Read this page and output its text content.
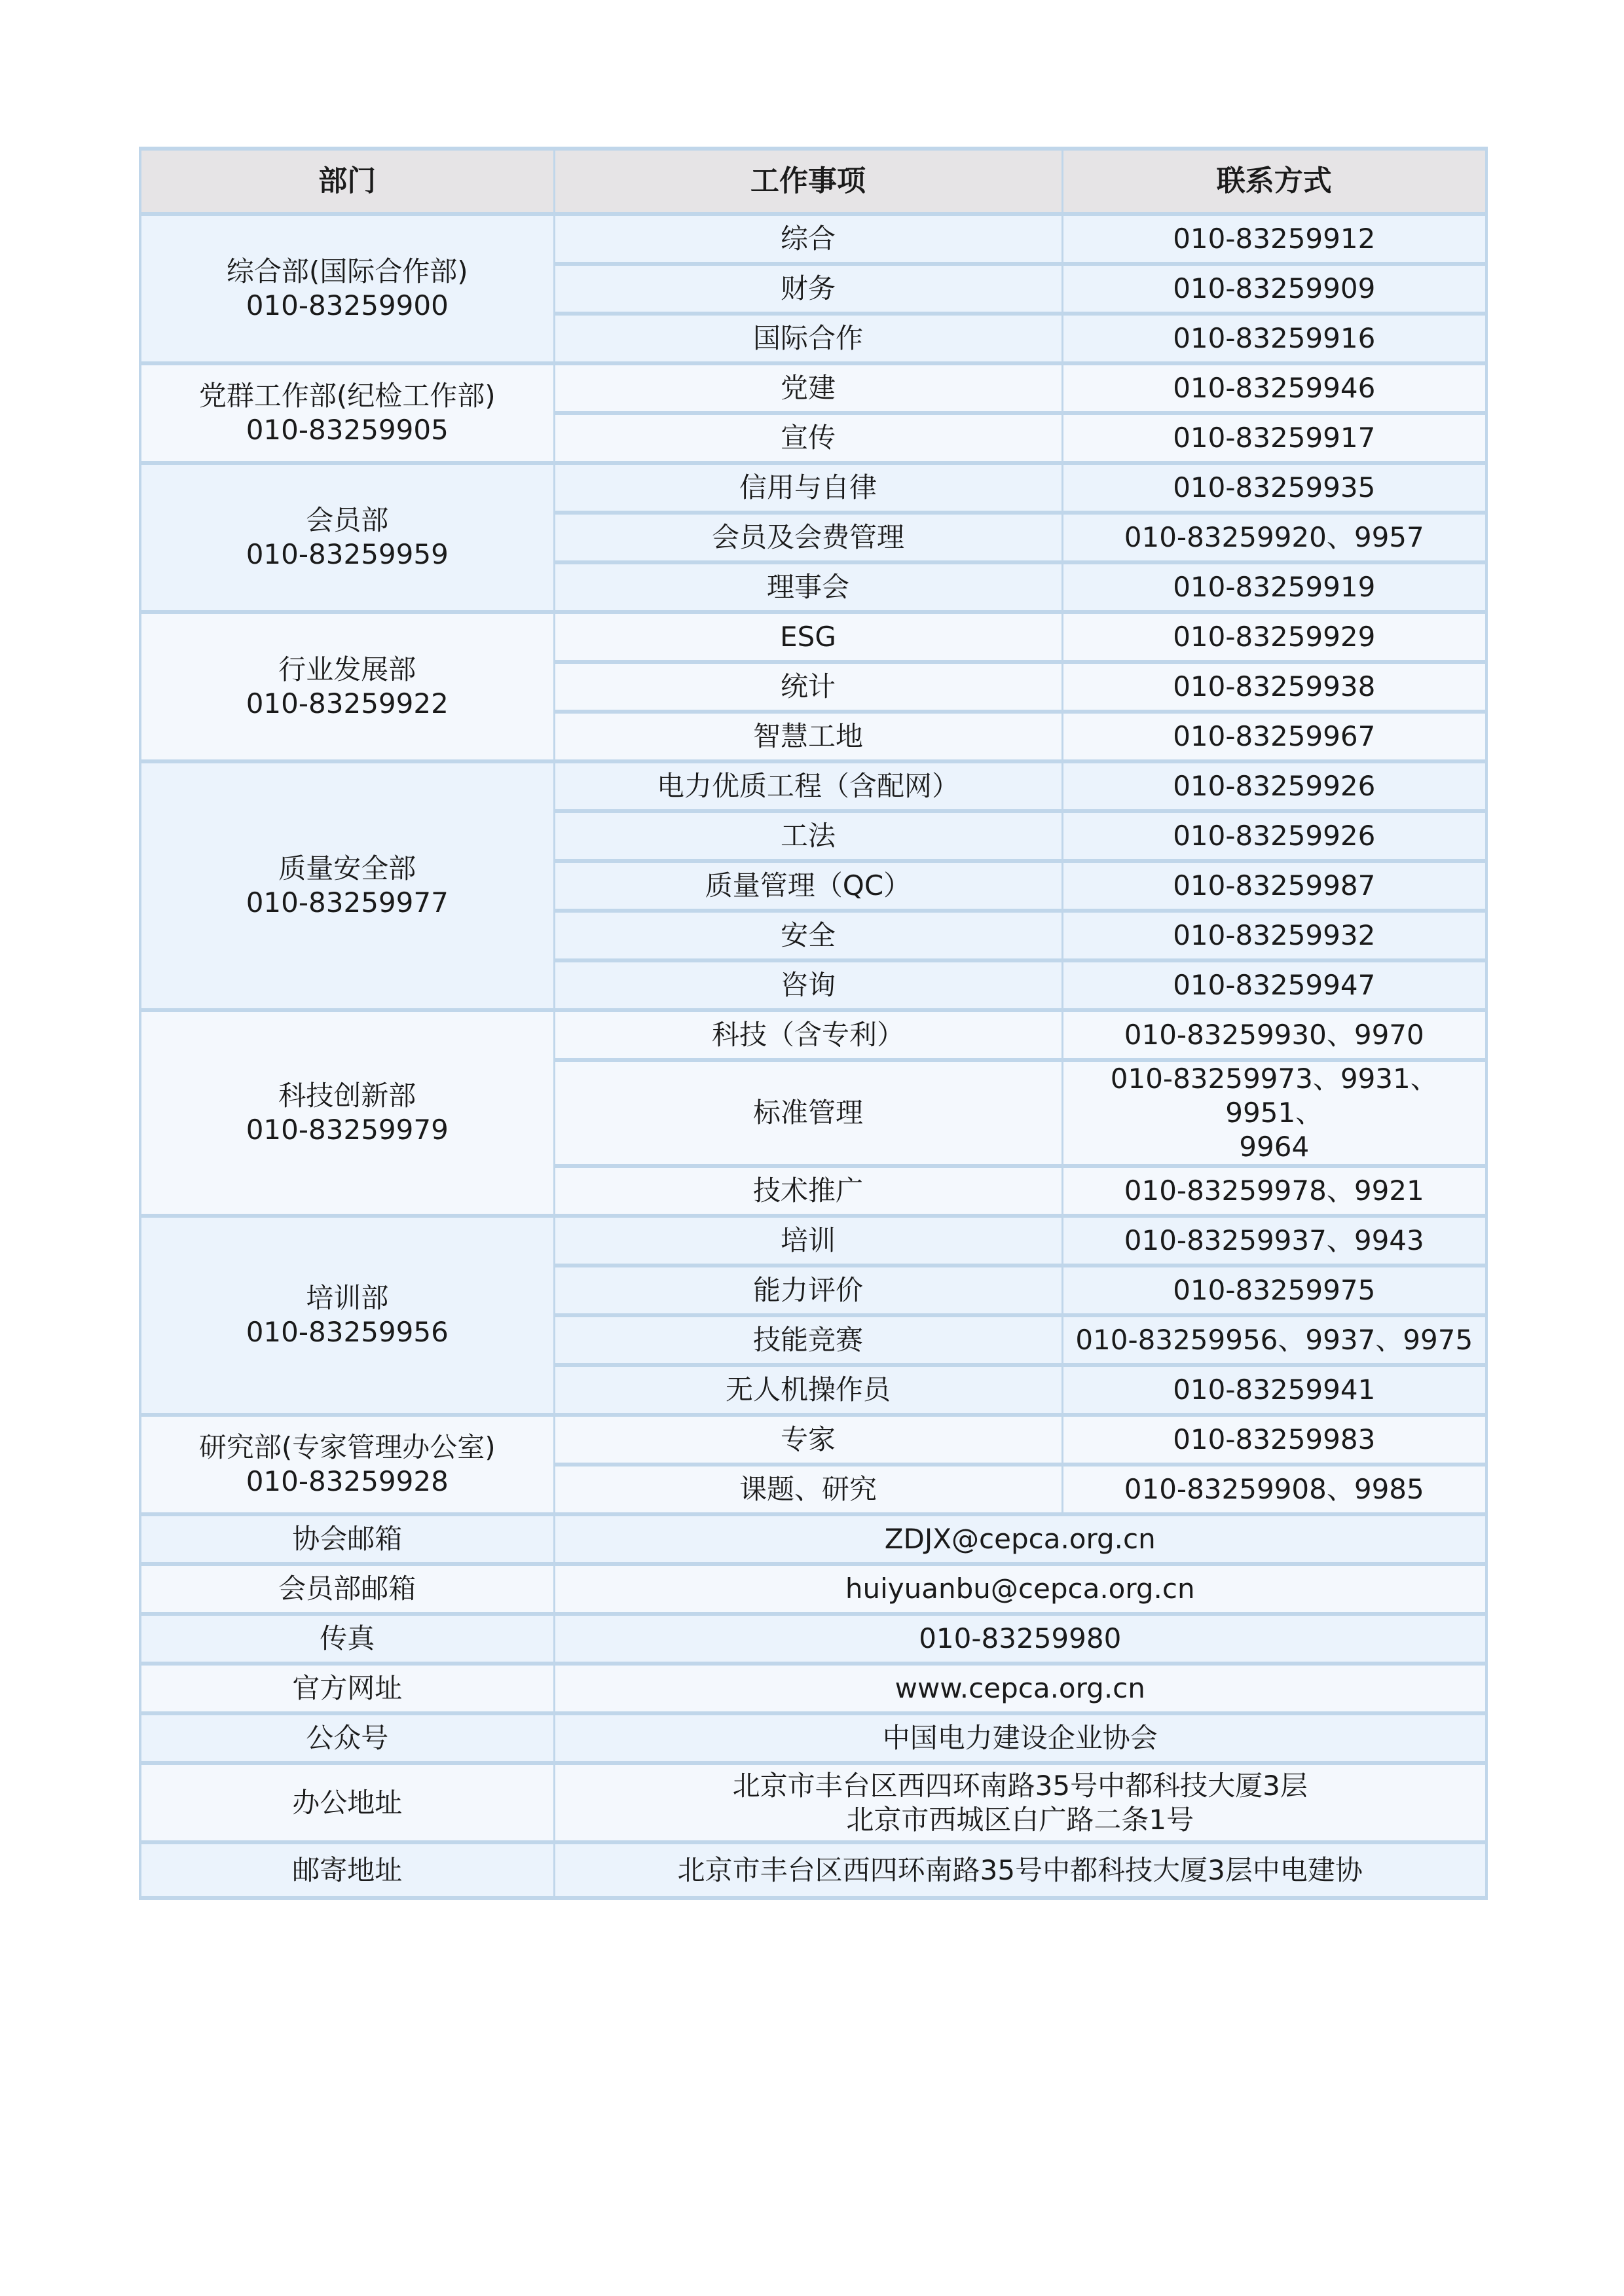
部门	工作事项	联系方式

综合部(国际合作部)
010-83259900	综合	010-83259912
	财务	010-83259909
	国际合作	010-83259916

党群工作部(纪检工作部)
010-83259905	党建	010-83259946
	宣传	010-83259917

会员部
010-83259959	信用与自律	010-83259935
	会员及会费管理	010-83259920、9957
	理事会	010-83259919

行业发展部
010-83259922	ESG	010-83259929
	统计	010-83259938
	智慧工地	010-83259967

质量安全部
010-83259977	电力优质工程（含配网）	010-83259926
	工法	010-83259926
	质量管理（QC）	010-83259987
	安全	010-83259932
	咨询	010-83259947

科技创新部
010-83259979	科技（含专利）	010-83259930、9970
	标准管理	010-83259973、9931、9951、
9964

	技术推广	010-83259978、9921

培训部
010-83259956	培训	010-83259937、9943
	能力评价	010-83259975
	技能竞赛	010-83259956、9937、9975
	无人机操作员	010-83259941

研究部(专家管理办公室)
010-83259928	专家	010-83259983
	课题、研究	010-83259908、9985
协会邮箱	ZDJX@cepca.org.cn	
会员部邮箱	huiyuanbu@cepca.org.cn	
传真	010-83259980	
官方网址	www.cepca.org.cn	
公众号	中国电力建设企业协会	
办公地址	北京市丰台区西四环南路35号中都科技大厦3层
北京市西城区白广路二条1号	

邮寄地址	北京市丰台区西四环南路35号中都科技大厦3层中电建协	
